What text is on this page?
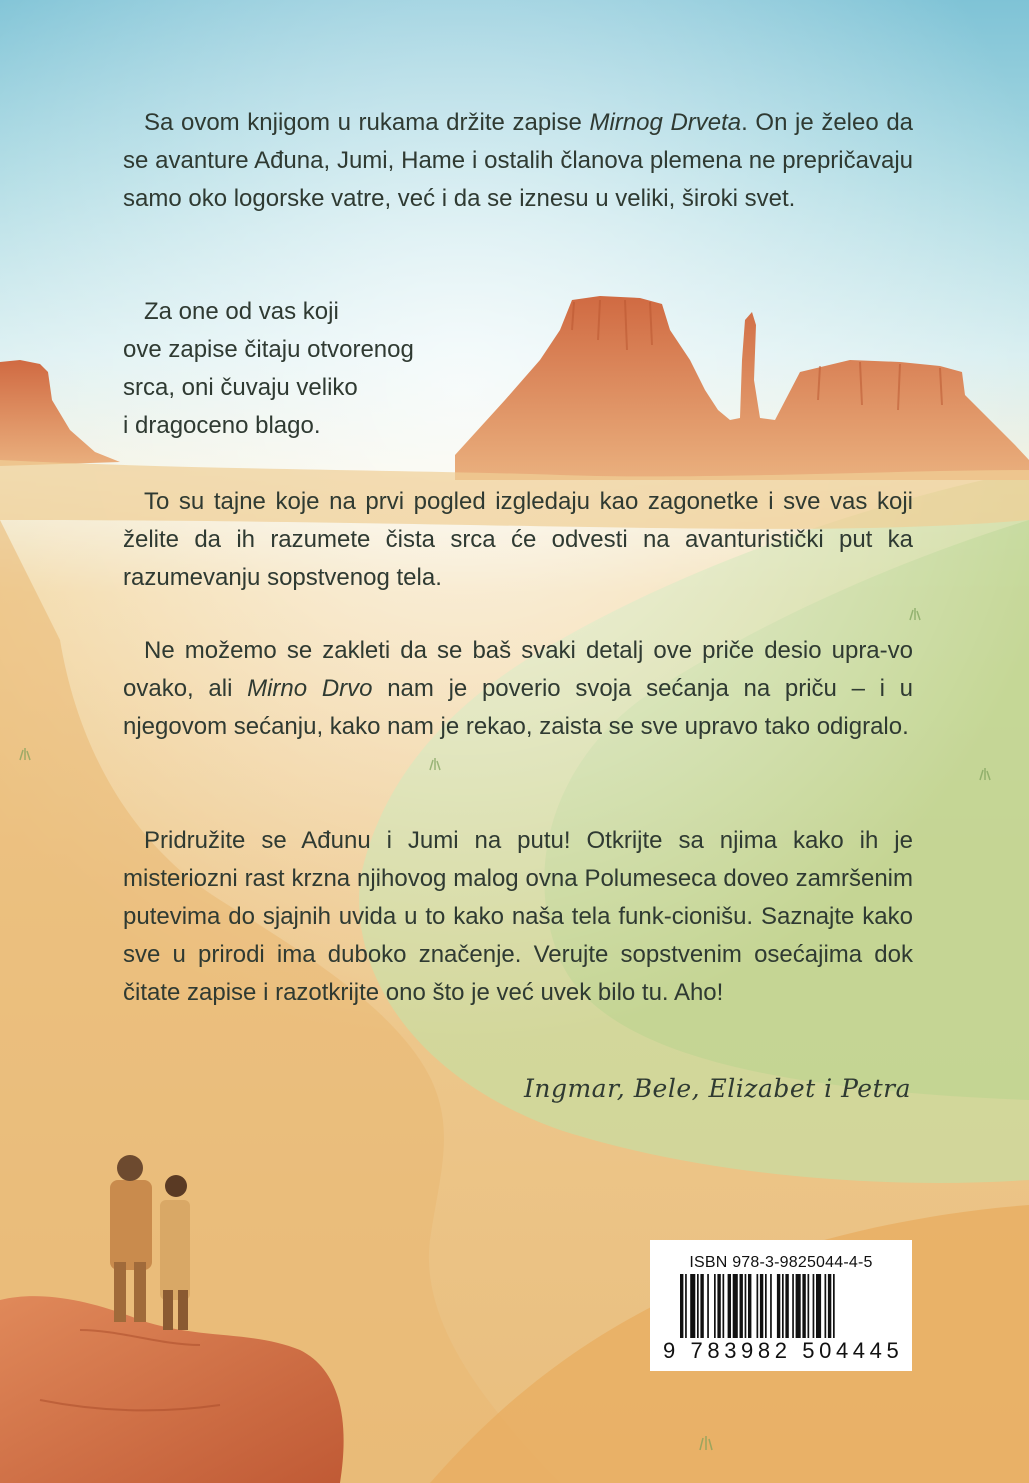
Sa ovom knjigom u rukama držite zapise Mirnog Drveta. On je želeo da se avanture Ađuna, Jumi, Hame i ostalih članova plemena ne prepričavaju samo oko logorske vatre, već i da se iznesu u veliki, široki svet.

Za one od vas koji
ove zapise čitaju otvorenog
srca, oni čuvaju veliko
i dragoceno blago.

To su tajne koje na prvi pogled izgledaju kao zagonetke i sve vas koji želite da ih razumete čista srca će odvesti na avanturistički put ka razumevanju sopstvenog tela.

Ne možemo se zakleti da se baš svaki detalj ove priče desio upra-vo ovako, ali Mirno Drvo nam je poverio svoja sećanja na priču – i u njegovom sećanju, kako nam je rekao, zaista se sve upravo tako odigralo.

Pridružite se Ađunu i Jumi na putu! Otkrijte sa njima kako ih je misteriozni rast krzna njihovog malog ovna Polumeseca doveo zamršenim putevima do sjajnih uvida u to kako naša tela funk-cionišu. Saznajte kako sve u prirodi ima duboko značenje. Verujte sopstvenim osećajima dok čitate zapise i razotkrijte ono što je već uvek bilo tu. Aho!

Ingmar, Bele, Elizabet i Petra
ISBN 978-3-9825044-4-5
9 783982 504445
